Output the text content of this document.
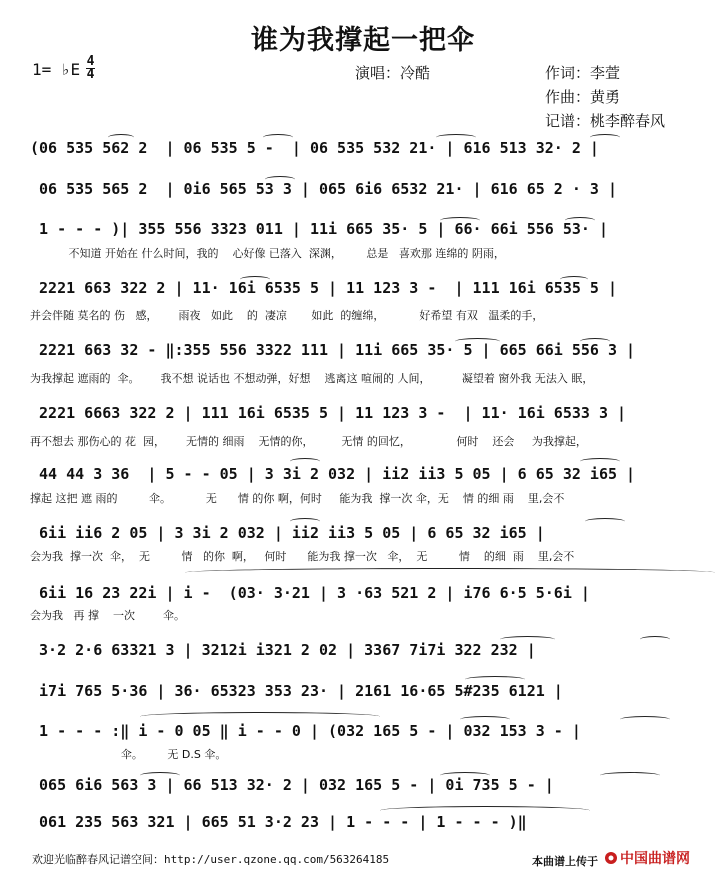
谁为我撑起一把伞
1= ♭E 4
4	演唱：冷酷	作词：李萱
作曲：黄勇
记谱：桃李醉春风
(06 535 562 2  | 06 535 5 -  | 06 535 532 21· | 616 513 32· 2 |
06 535 565 2  | 0i6 565 53 3 | 065 6i6 6532 21· | 616 65 2 · 3 |
1 - - - )| 355 556 3323 011 | 11i 665 35· 5 | 66· 66i 556 53· |
不知道 开始在 什么时间，我的    心好像 已落入  深渊，       总是   喜欢那 连绵的 阴雨，
2221 663 322 2 | 11· 16i 6535 5 | 11 123 3 -  | 111 16i 6535 5 |
并会伴随 莫名的 伤   感，      雨夜   如此    的  凄凉       如此  的缠绵，          好希望 有双   温柔的手，
2221 663 32 - ‖:355 556 3322 111 | 11i 665 35· 5 | 665 66i 556 3 |
为我撑起 遮雨的  伞。      我不想 说话也 不想动弹，好想    逃离这 喧闹的 人间，         凝望着 窗外我 无法入 眠，
2221 6663 322 2 | 111 16i 6535 5 | 11 123 3 -  | 11· 16i 6533 3 |
再不想去 那伤心的 花  园，      无情的 细雨    无情的你，        无情 的回忆，             何时    还会     为我撑起，
44 44 3 36  | 5 - - 05 | 3 3i 2 032 | ii2 ii3 5 05 | 6 65 32 i65 |
撑起 这把 遮 雨的         伞。          无      情 的你 啊，何时     能为我  撑一次 伞，无    情 的细 雨    里,会不
6ii ii6 2 05 | 3 3i 2 032 | ii2 ii3 5 05 | 6 65 32 i65 |
会为我  撑一次  伞，  无         情   的你  啊，   何时      能为我 撑一次   伞，  无         情    的细  雨    里,会不
6ii 16 23 22i | i -  (03· 3·21 | 3 ·63 521 2 | i76 6·5 5·6i |
会为我   再 撑    一次        伞。
3·2 2·6 63321 3 | 3212i i321 2 02 | 3367 7i7i 322 232 |
i7i 765 5·36 | 36· 65323 353 23· | 2161 16·65 5#235 6121 |
1 - - - :‖ i - 0 05 ‖ i - - 0 | (032 165 5 - | 032 153 3 - |
伞。       无 D.S 伞。
065 6i6 563 3 | 66 513 32· 2 | 032 165 5 - | 0i 735 5 - |
061 235 563 321 | 665 51 3·2 23 | 1 - - - | 1 - - - )‖
欢迎光临醉春风记谱空间：http://user.qzone.qq.com/563264185	本曲谱上传于 中国曲谱网
